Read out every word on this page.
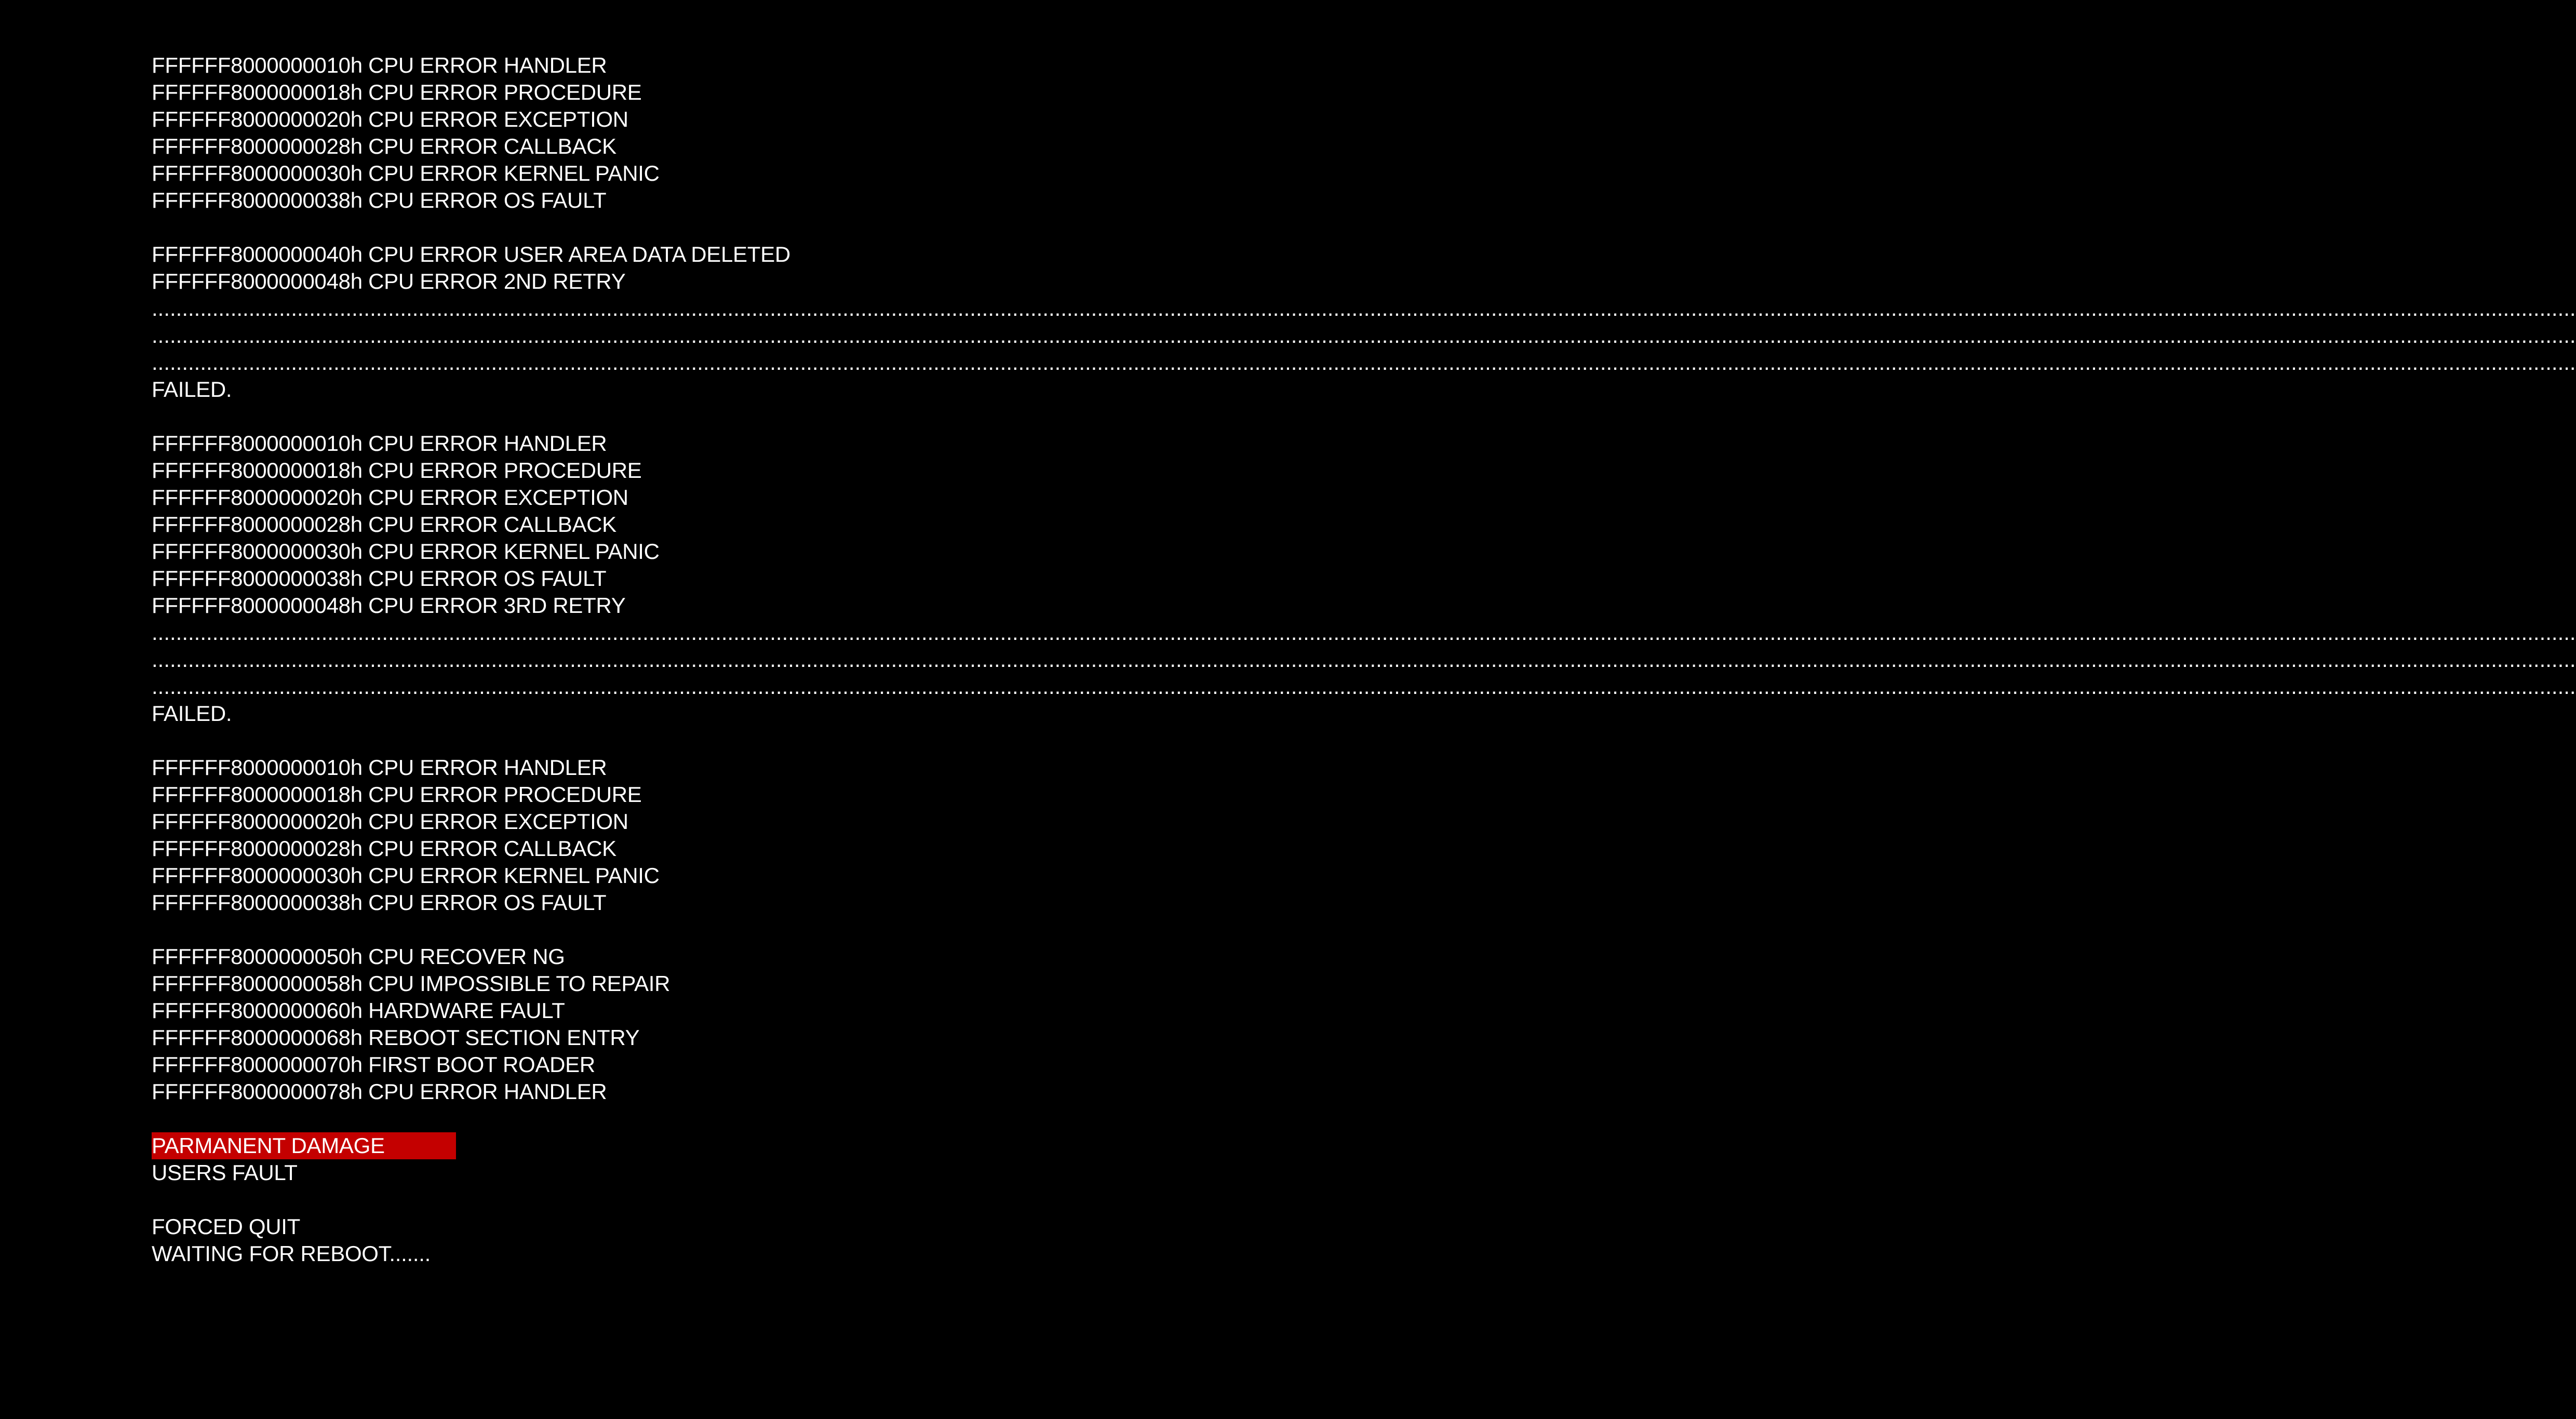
FFFFFF8000000010h CPU ERROR HANDLER
FFFFFF8000000018h CPU ERROR PROCEDURE
FFFFFF8000000020h CPU ERROR EXCEPTION
FFFFFF8000000028h CPU ERROR CALLBACK
FFFFFF8000000030h CPU ERROR KERNEL PANIC
FFFFFF8000000038h CPU ERROR OS FAULT
FFFFFF8000000040h CPU ERROR USER AREA DATA DELETED
FFFFFF8000000048h CPU ERROR 2ND RETRY
................................................................................................................................................................................................................................................................................................................................................................................................................
................................................................................................................................................................................................................................................................................................................................................................................................................
................................................................................................................................................................................................................................................................................................................................................................................................................
FAILED.
FFFFFF8000000010h CPU ERROR HANDLER
FFFFFF8000000018h CPU ERROR PROCEDURE
FFFFFF8000000020h CPU ERROR EXCEPTION
FFFFFF8000000028h CPU ERROR CALLBACK
FFFFFF8000000030h CPU ERROR KERNEL PANIC
FFFFFF8000000038h CPU ERROR OS FAULT
FFFFFF8000000048h CPU ERROR 3RD RETRY
................................................................................................................................................................................................................................................................................................................................................................................................................
................................................................................................................................................................................................................................................................................................................................................................................................................
................................................................................................................................................................................................................................................................................................................................................................................................................
FAILED.
FFFFFF8000000010h CPU ERROR HANDLER
FFFFFF8000000018h CPU ERROR PROCEDURE
FFFFFF8000000020h CPU ERROR EXCEPTION
FFFFFF8000000028h CPU ERROR CALLBACK
FFFFFF8000000030h CPU ERROR KERNEL PANIC
FFFFFF8000000038h CPU ERROR OS FAULT
FFFFFF8000000050h CPU RECOVER NG
FFFFFF8000000058h CPU IMPOSSIBLE TO REPAIR
FFFFFF8000000060h HARDWARE FAULT
FFFFFF8000000068h REBOOT SECTION ENTRY
FFFFFF8000000070h FIRST BOOT ROADER
FFFFFF8000000078h CPU ERROR HANDLER
PARMANENT DAMAGE
USERS FAULT
FORCED QUIT
WAITING FOR REBOOT.......
